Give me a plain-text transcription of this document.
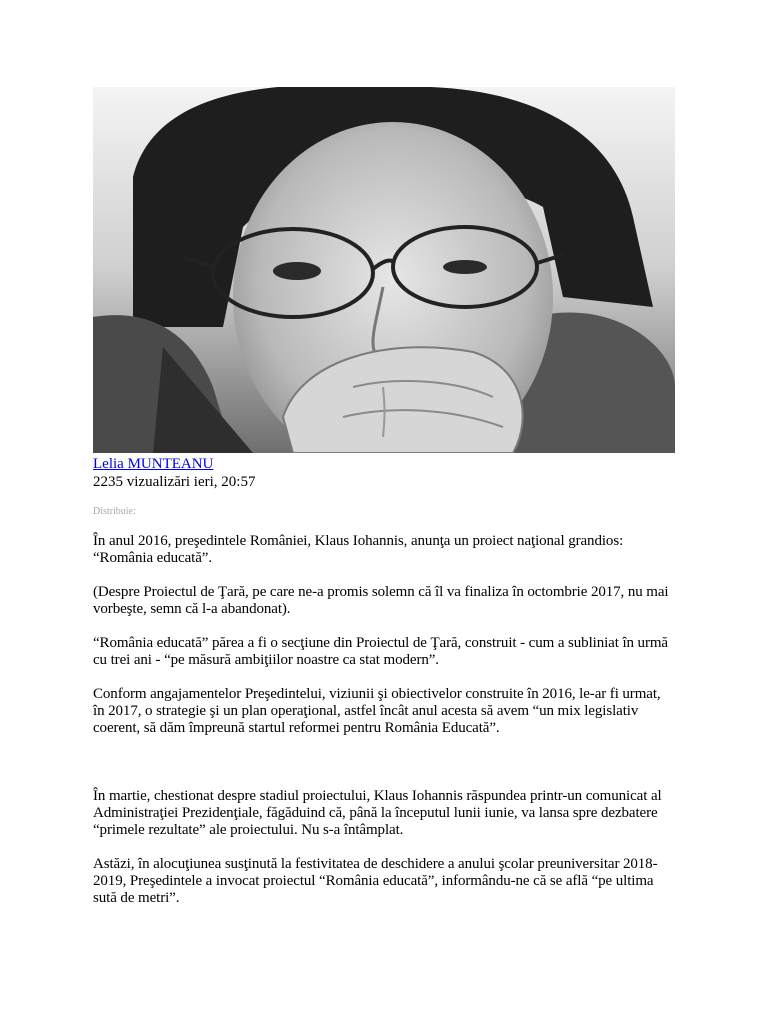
Lelia MUNTEANU
2235 vizualizări ieri, 20:57
Distribuie:

În anul 2016, preşedintele României, Klaus Iohannis, anunţa un proiect naţional grandios: “România educată”.

(Despre Proiectul de Ţară, pe care ne-a promis solemn că îl va finaliza în octombrie 2017, nu mai vorbeşte, semn că l-a abandonat).

“România educată” părea a fi o secţiune din Proiectul de Ţară, construit - cum a subliniat în urmă cu trei ani - “pe măsură ambiţiilor noastre ca stat modern”.

Conform angajamentelor Preşedintelui, viziunii şi obiectivelor construite în 2016, le-ar fi urmat, în 2017, o strategie şi un plan operaţional, astfel încât anul acesta să avem “un mix legislativ coerent, să dăm împreună startul reformei pentru România Educată”.

În martie, chestionat despre stadiul proiectului, Klaus Iohannis răspundea printr-un comunicat al Administraţiei Prezidenţiale, făgăduind că, până la începutul lunii iunie, va lansa spre dezbatere “primele rezultate” ale proiectului. Nu s-a întâmplat.

Astăzi, în alocuţiunea susţinută la festivitatea de deschidere a anului şcolar preuniversitar 2018-2019, Preşedintele a invocat proiectul “România educată”, informându-ne că se află “pe ultima sută de metri”.
